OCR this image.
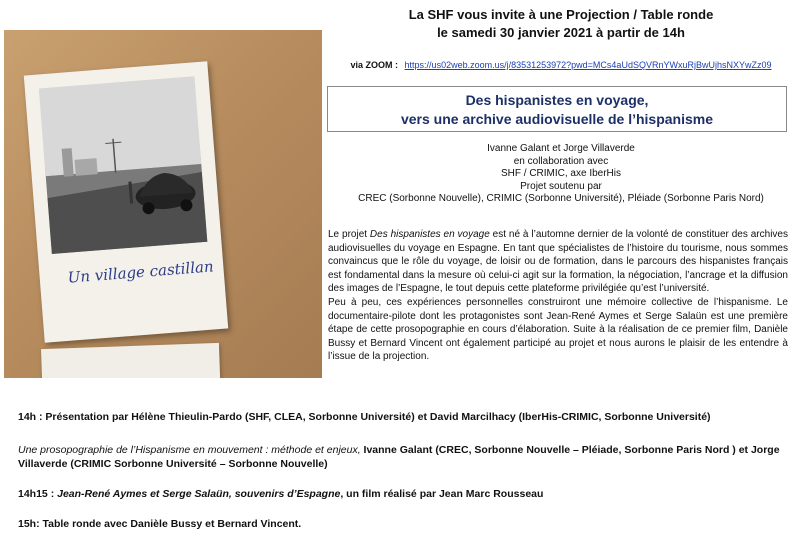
Un village castillan
La SHF vous invite à une Projection / Table ronde
le samedi 30 janvier 2021 à partir de 14h
via ZOOM : https://us02web.zoom.us/j/83531253972?pwd=MCs4aUdSQVRnYWxuRjBwUjhsNXYwZz09
Des hispanistes en voyage,
vers une archive audiovisuelle de l’hispanisme
Ivanne Galant et Jorge Villaverde
en collaboration avec
SHF / CRIMIC, axe IberHis
Projet soutenu par
CREC (Sorbonne Nouvelle), CRIMIC (Sorbonne Université), Pléiade (Sorbonne Paris Nord)

Le projet Des hispanistes en voyage est né à l’automne dernier de la volonté de constituer des archives audiovisuelles du voyage en Espagne. En tant que spécialistes de l’histoire du tourisme, nous sommes convaincus que le rôle du voyage, de loisir ou de formation, dans le parcours des hispanistes français est fondamental dans la mesure où celui-ci agit sur la formation, la négociation, l’ancrage et la diffusion des images de l’Espagne, le tout depuis cette plateforme privilégiée qu’est l’université.

Peu à peu, ces expériences personnelles construiront une mémoire collective de l’hispanisme. Le documentaire-pilote dont les protagonistes sont Jean-René Aymes et Serge Salaün est une première étape de cette prosopographie en cours d’élaboration. Suite à la réalisation de ce premier film, Danièle Bussy et Bernard Vincent ont également participé au projet et nous aurons le plaisir de les entendre à l’issue de la projection.

14h : Présentation par Hélène Thieulin-Pardo (SHF, CLEA, Sorbonne Université) et David Marcilhacy (IberHis-CRIMIC, Sorbonne Université)
Une prosopographie de l’Hispanisme en mouvement : méthode et enjeux, Ivanne Galant (CREC, Sorbonne Nouvelle – Pléiade, Sorbonne Paris Nord ) et Jorge Villaverde (CRIMIC Sorbonne Université – Sorbonne Nouvelle)
14h15 : Jean-René Aymes et Serge Salaün, souvenirs d’Espagne, un film réalisé par Jean Marc Rousseau
15h: Table ronde avec Danièle Bussy et Bernard Vincent.
